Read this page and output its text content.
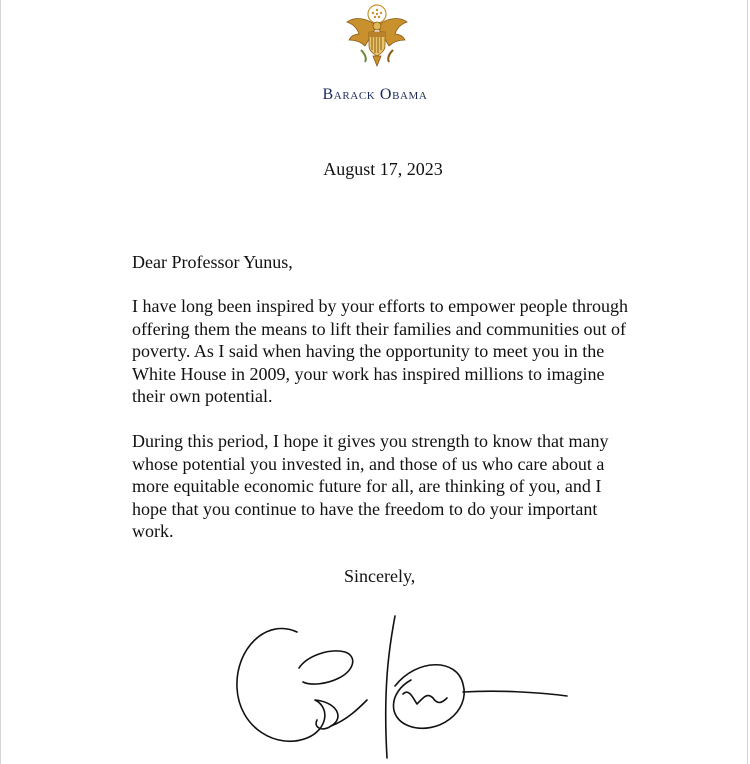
Barack Obama
August 17, 2023
Dear Professor Yunus,

I have long been inspired by your efforts to empower people through offering them the means to lift their families and communities out of poverty. As I said when having the opportunity to meet you in the White House in 2009, your work has inspired millions to imagine their own potential.

During this period, I hope it gives you strength to know that many whose potential you invested in, and those of us who care about a more equitable economic future for all, are thinking of you, and I hope that you continue to have the freedom to do your important work.

Sincerely,
